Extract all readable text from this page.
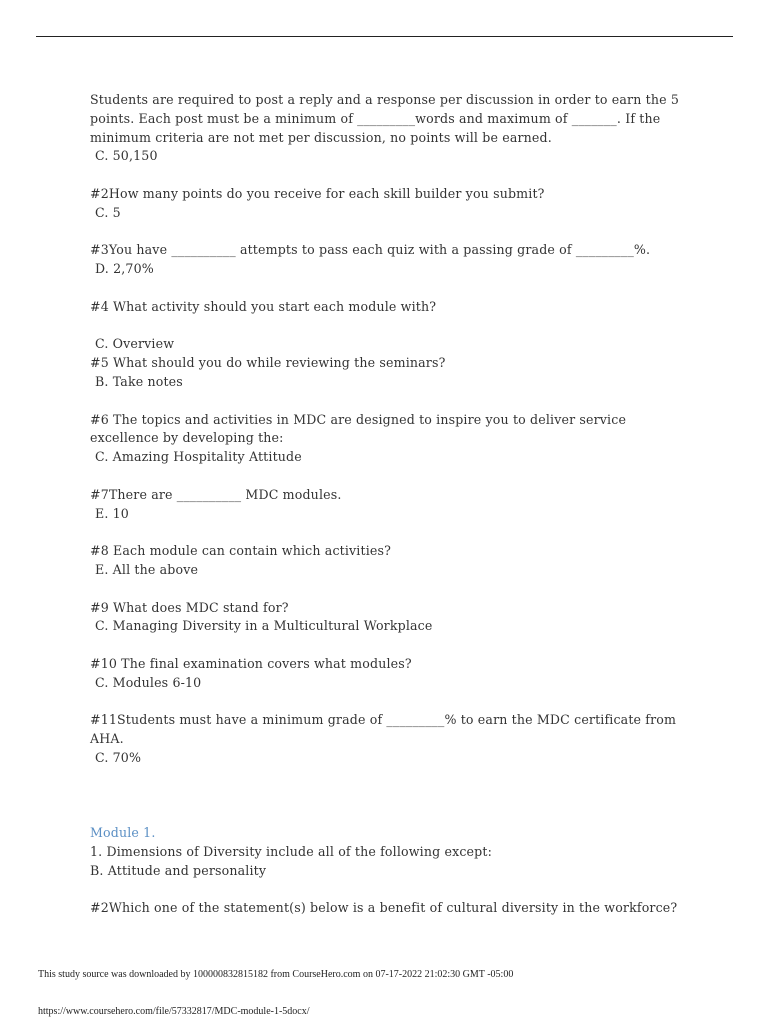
Students are required to post a reply and a response per discussion in order to earn the 5

points. Each post must be a minimum of _________words and maximum of _______. If the

minimum criteria are not met per discussion, no points will be earned.

C. 50,150

#2How many points do you receive for each skill builder you submit?

C. 5

#3You have __________ attempts to pass each quiz with a passing grade of _________%.

D. 2,70%

#4 What activity should you start each module with?

C. Overview

#5 What should you do while reviewing the seminars?

B. Take notes

#6 The topics and activities in MDC are designed to inspire you to deliver service

excellence by developing the:

C. Amazing Hospitality Attitude

#7There are __________ MDC modules.

E. 10

#8 Each module can contain which activities?

E. All the above

#9 What does MDC stand for?

C. Managing Diversity in a Multicultural Workplace

#10 The final examination covers what modules?

C. Modules 6-10

#11Students must have a minimum grade of _________% to earn the MDC certificate from

AHA.

C. 70%

Module 1.

1. Dimensions of Diversity include all of the following except:

B. Attitude and personality

#2Which one of the statement(s) below is a benefit of cultural diversity in the workforce?

This study source was downloaded by 100000832815182 from CourseHero.com on 07-17-2022 21:02:30 GMT -05:00
https://www.coursehero.com/file/57332817/MDC-module-1-5docx/
